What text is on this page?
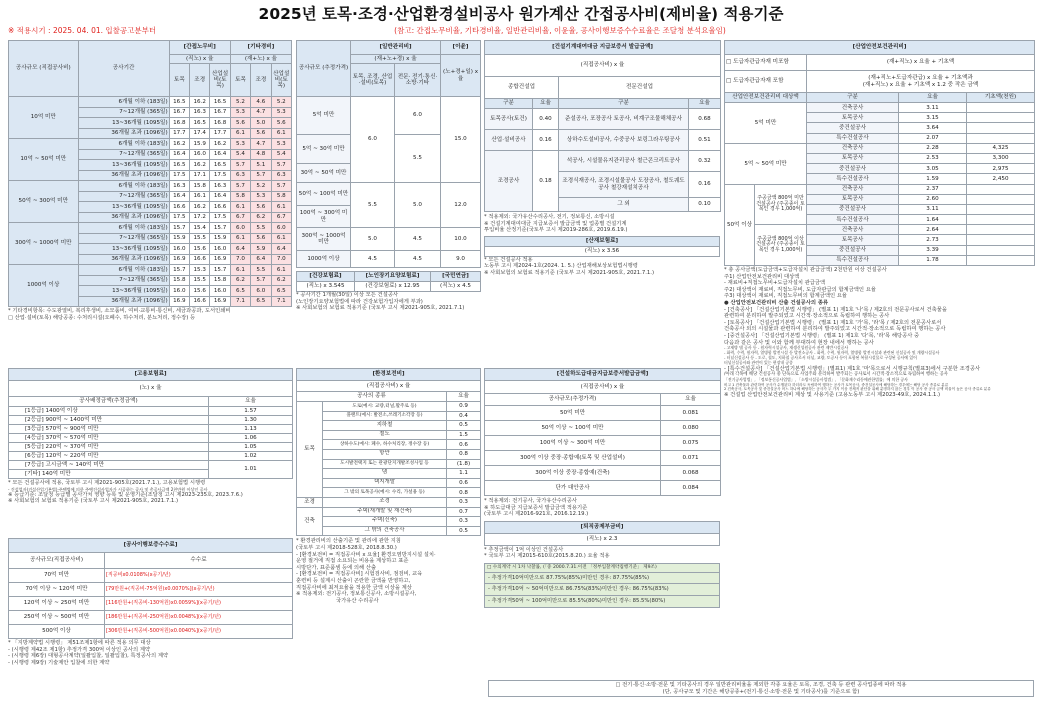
2025년 토목·조경·산업환경설비공사 원가계산 간접공사비(제비율) 적용기준
※ 적용시기 : 2025. 04. 01. 입찰공고분부터	(참고: 간접노무비율, 기타경비율, 일반관리비율, 이윤율, 공사이행보증수수료율은 조달청 분석요율임)
공사규모 (직접공사비)	공사기간	[간접노무비]			[기타경비]		
		(직노) x 율			(재+노) x 율		
		토목	조경	산업설비(토목)	토목	조경	산업설비(토목)
10억 미만	6개월 이하 (183일)	16.5	16.2	16.5	5.2	4.6	5.2
	7~12개월 (365일)	16.7	16.3	16.7	5.3	4.7	5.3
	13~36개월 (1095일)	16.8	16.5	16.8	5.6	5.0	5.6
	36개월 초과 (1096일)	17.7	17.4	17.7	6.1	5.6	6.1
10억 ~ 50억 미만	6개월 이하 (183일)	16.2	15.9	16.2	5.3	4.7	5.3
	7~12개월 (365일)	16.4	16.0	16.4	5.4	4.8	5.4
	13~36개월 (1095일)	16.5	16.2	16.5	5.7	5.1	5.7
	36개월 초과 (1096일)	17.5	17.1	17.5	6.3	5.7	6.3
50억 ~ 300억 미만	6개월 이하 (183일)	16.3	15.8	16.3	5.7	5.2	5.7
	7~12개월 (365일)	16.4	16.1	16.4	5.8	5.3	5.8
	13~36개월 (1095일)	16.6	16.2	16.6	6.1	5.6	6.1
	36개월 초과 (1096일)	17.5	17.2	17.5	6.7	6.2	6.7
300억 ~ 1000억 미만	6개월 이하 (183일)	15.7	15.4	15.7	6.0	5.5	6.0
	7~12개월 (365일)	15.9	15.5	15.9	6.1	5.6	6.1
	13~36개월 (1095일)	16.0	15.6	16.0	6.4	5.9	6.4
	36개월 초과 (1096일)	16.9	16.6	16.9	7.0	6.4	7.0
1000억 이상	6개월 이하 (183일)	15.7	15.3	15.7	6.1	5.5	6.1
	7~12개월 (365일)	15.8	15.5	15.8	6.2	5.7	6.2
	13~36개월 (1095일)	16.0	15.6	16.0	6.5	6.0	6.5
	36개월 초과 (1096일)	16.9	16.6	16.9	7.1	6.5	7.1

* 기타경비항목: 수도광열비, 복리후생비, 소모품비, 여비·교통비·통신비, 세금과공과, 도서인쇄비

□ 산업·설비(토목) 해당공종: 수처리시설(오폐수, 하수처리, 분뇨처리, 정수장) 등

공사규모 (추정가격)	[일반관리비]		[이윤]
	(재+노+경) x 율		(노+경+일) x 율
	토목, 조경, 산업·설비(토목)	전문· 전기·통신· 소방·기타	
5억 미만	6.0	6.0	15.0
5억 ~ 30억 미만		5.5	
30억 ~ 50억 미만			
50억 ~ 100억 미만	5.5	5.0	12.0
100억 ~ 300억 미만			
300억 ~ 1000억 미만	5.0	4.5	10.0
1000억 이상	4.5	4.5	9.0
[건강보험료]	[노인장기요양보험료]	[국민연금]
(직노) x 3.545	(건강보험료) x 12.95	(직노) x 4.5

* 공사기간 1개월(30일) 이상 모든 건설공사

(노인장기요양보험법에 따라 건강보험가입자에게 부과)

※ 사회보험의 보험료 적용기준 (국토부 고시 제2021-905호, 2021.7.1)

[건설기계대여대금 지급보증서 발급금액]			
(직접공사비) x 율			
종합건설업		전문건설업	
구분	요율	구분	요율
토목공사(토건)	0.40	준설공사, 포장공사 토공사, 비계구조물해체공사	0.68
산업·설비공사	0.16	상하수도설비공사, 수중공사 보링그라우팅공사	0.51
조경공사	0.18	석공사, 시설물유지관리공사 철근콘크리트공사	0.32
		조경식재공사, 조경시설물공사 도장공사, 철도궤도공사 철강재설치공사	0.16
		그 외	0.10

* 적용제외: 국가유산수리공사, 전기, 정보통신, 소방시설

※ 건설기계대여대금 지급보증서 발급금액 및 업종별 건설기계

투입비율 산정기준(국토부 고시 제2019-286호, 2019.6.19.)

[산재보험료]
(직노) x 3.56

* 모든 건설공사 적용

노동부 고시 제2024-1호(2024. 1. 5.) 산업재해보상보험법시행령

※ 사회보험의 보험료 적용기준 (국토부 고시 제2021-905호, 2021.7.1.)

[산업안전보건관리비]				
□ 도급자관급자재 미포함		(재+직노) x 요율 + 기초액		
□ 도급자관급자재 포함		(재+직노+도급자관급) x 요율 + 기초액과
(재+직노) x 요율 + 기초액 x 1.2 중 작은 금액		

산업안전보건관리비 대상액		구분	요율	기초액(천원)
5억 미만		건축공사	3.11	
		토목공사	3.15	
		중건설공사	3.64	
		특수건설공사	2.07	
5억 ~ 50억 미만		건축공사	2.28	4,325
		토목공사	2.53	3,300
		중건설공사	3.05	2,975
		특수건설공사	1.59	2,450
50억 이상	주공금액 800억 미만 건설공사 (주공종이 토목인 경우 1,000억)	건축공사	2.37	
		토목공사	2.60	
		중건설공사	3.11	
		특수건설공사	1.64	
	주공금액 800억 이상 건설공사 (주공종이 토목인 경우 1,000억)	건축공사	2.64	
		토목공사	2.73	
		중건설공사	3.39	
		특수건설공사	1.78	

* 총 공사금액(도급금액+도급자설치 관급금액) 2천만원 이상 건설공사

주1) 산업안전보건관리비 대상액

- 재료비+직접노무비+도급자설치 관급금액

주2) 대상액이 재료비, 직접노무비, 도급자관급의 합계금액인 요율

주3) 대상액이 재료비, 직접노무비의 합계금액인 요율

● 산업안전보건관리비 산출 건설공사의 종류

- [건축공사] 「건설산업기본법 시행령」 (별표 1) 제1호 '나'목 / 제2호의 전문공사로서 건축물을

관련하여 분리하여 발주되었고 시간적·장소적으로 독립하여 행하는 공사

- [토목공사] 「건설산업기본법 시행령」 (별표 1) 제1호 '가'목, '라'목 / 제2호의 전문공사로서

건축공사 외의 시설물과 관련하여 분리하여 발주되었고 시간적·장소적으로 독립하여 행하는 공사

- [중건설공사] 「건설산업기본법 시행령」 (별표 1) 제1호 '다'목, '라'목 해당공사 중

다음과 같은 공사 및 이와 함께 부대하여 현장 내에서 행하는 공사

- 고제방 댐 공사 등 - 원자력시설공사, 재생신성원공사 관련 제반시설공사

- 화력, 수력, 원자력, 열병합 발전시설 등 발전소공사 - 화력, 수력, 원자력, 열병합 발전시설과 관련된 신설공사 및 개량시설공사

- 터널신설공사 등 - 도로, 철도, 지하철 공사로서 터널, 교량, 토공사 등이 포함된 복합시설물로 구성된 공사에 있어

터널신설공사와 관련이 있는 현장내 공종

- [특수건설공사] 「건설산업기본법 시행령」(별표1) 제1호 '마'목으로서 시행규칙(별표3)에서 구분한 조경공사

/아래 각목에 해당 건설공사 중 단독으로 사업주와 분리하여 발주되는 공사로서 시간적·장소적으로 독립하여 행하는 공사

「전기공사업법」, 「정보통신공사업법」, 「소방시설공사업법」, 「문화재수리등에관한법률」에 의한 공사

비고 1 건축물과 관련하여 공사가 수행된다 하더라도 독립하여 행하는 공사가 토목공사, 중건설공사에 해당하는 경우에는 해당 공사 종류로 분류

2 건축공사, 토목공사 및 중건설공사 어느 하나에 해당하는 공사가 두 가지 이상 전체적 판단을 위해 분명하지 않는 경우 이 공사 중 공사 금액 비율이 높은 공사 종류로 분류

※ 건설업 산업안전보건관리비 계상 및 사용기준 (고용노동부 고시 제2023-49호, 2024.1.1.)

[고용보험료]	
(노) x 율	
공사배정금액(추정금액)	요율
[1등급] 1400억 이상	1.57
[2등급] 900억 ~ 1400억 미만	1.30
[3등급] 570억 ~ 900억 미만	1.13
[4등급] 370억 ~ 570억 미만	1.06
[5등급] 220억 ~ 370억 미만	1.05
[6등급] 120억 ~ 220억 미만	1.02
[7등급] 고시금액 ~ 140억 미만	1.01
[기타] 140억 미만	

* 모든 건설공사에 적용, 국토부 고시 제2021-905호(2021.7.1.), 고용보험법 시행령

- 건설업자(건설산업기본법)·주택법에 의한 주택건설사업자가 시공하는 공사 및 총공사금액 2천만원 이상인 공사

※ 등급기준: 조달청 등급별 공사가치 영향 등록 및 운영기준(조달청 고시 제2023-235호, 2023.7.6.)

※ 사회보험의 보험료 적용기준 (국토부 고시 제2021-905호, 2021.7.1.)

[공사이행보증수수료]	
공사규모(직접공사비)	수수료
70억 미만	[직공비x0.0108%(x공기/년)
70억 이상 ~ 120억 미만	[79만원+(직공비-75억원)x0.0070%](x공기/년)
120억 이상 ~ 250억 미만	[116만원+(직공비-130억원)x0.0059%](x공기/년)
250억 이상 ~ 500억 미만	[186만원+(직공비-250억원)x0.0048%](x공기/년)
500억 이상	[306만원+(직공비-500억원)x0.0040%](x공기/년)

* 「지방계약법 시행령」 제51조제1항에 따른 적용 의무 대상

- (시행령 제42조 제1항) 추정가격 300억 이상인 공사의 계약

- (시행령 제6장) 대형공사계약(일괄입찰, 일괄입찰), 특정공사의 계약

- (시행령 제9장) 기술제안 입찰에 의한 계약

[환경보전비]		
(직접공사비) x 율		
공사의 종류		요율
토목	도로(예시: 교량,터널,활주로 등)	0.9
	플랜트(예시: 발전소,쓰레기소각장 등)	0.4
	지하철	0.5
	철도	1.5
	상하수도(예시: 폐수, 하수처리장, 정수장 등)	0.6
	항만	0.8
	도시발전택지 또는 관광단지개발조성사업 등	(1.8)
	댐	1.1
	택지개발	0.6
	그 밖의 토목공사(예시: 수리, 가설용 등)	0.8
조경	조경	0.3
건축	주택(재개발 및 재건축)	0.7
	주택(신축)	0.3
	그 밖의 건축공사	0.5

* 환경관리비의 산출기준 및 관리에 관한 지침

(국토부 고시 제2018-528호, 2018.8.30.)

- [환경보전비 = 직접공사비 x 요율] 환경오염방지시설 설치·

운영 절거에 직접 소요되는 비용을 계상하고 표준

시방단가, 표준품셈 등에 의해 산출

- [환경보전비 = 직접공사비] 시험검사비, 점검비, 교육

훈련비 등 설계시 산출이 곤란한 금액을 반영하고,

직접공사비에 최저요율을 적용한 금액 이상을 계상

※ 적용제외: 전기공사, 정보통신공사, 소방시설공사,

국가유산 수리공사

[건설하도급대금지급보증서발급금액]	
(직접공사비) x 율	
공사규모(추정가격)	요율
50억 미만	0.081
50억 이상 ~ 100억 미만	0.080
100억 이상 ~ 300억 미만	0.075
300억 이상 중장·종합예(토목 및 산업설비)	0.071
300억 이상 중장·종합예(건축)	0.068
단가 대안공사	0.084

* 적용제외: 전기공사, 국가유산수리공사

※ 하도급대금 지급보증서 발급금액 적용기준

(국토부 고시 제2016-921호, 2016.12.19.)

[퇴직공제부금비]
(직노) x 2.3

* 추정금액이 1억 이상인 건설공사

* 국토부 고시 제2015-610호(2015.8.20.) 요율 적용

□ 수의계약 시 1차 낙찰률, (「중 2000.7.31.이전 「정부입찰계약집행기준」 제9조)
- 추정가격10억미만으로 87.75%(85%)미만인 경우: 87.75%(85%)
- 추정가격10억 ~ 50억미만으로 86.75%(83%)미만인 경우: 86.75%(83%)
- 추정가격50억 ~ 100억미만으로 85.5%(80%)미만인 경우: 85.5%(80%)

□ 전기·통신·소방·전문 및 기타공사의 경우 일반관리비율을 제외한 각종 요율은 토목, 조경, 건축 등 관련 공사업종에 따라 적용

(단, 공사규모 및 기간은 해당공종+(전기·통신·소방·전문 및 기타공사)를 기준으로 함)
